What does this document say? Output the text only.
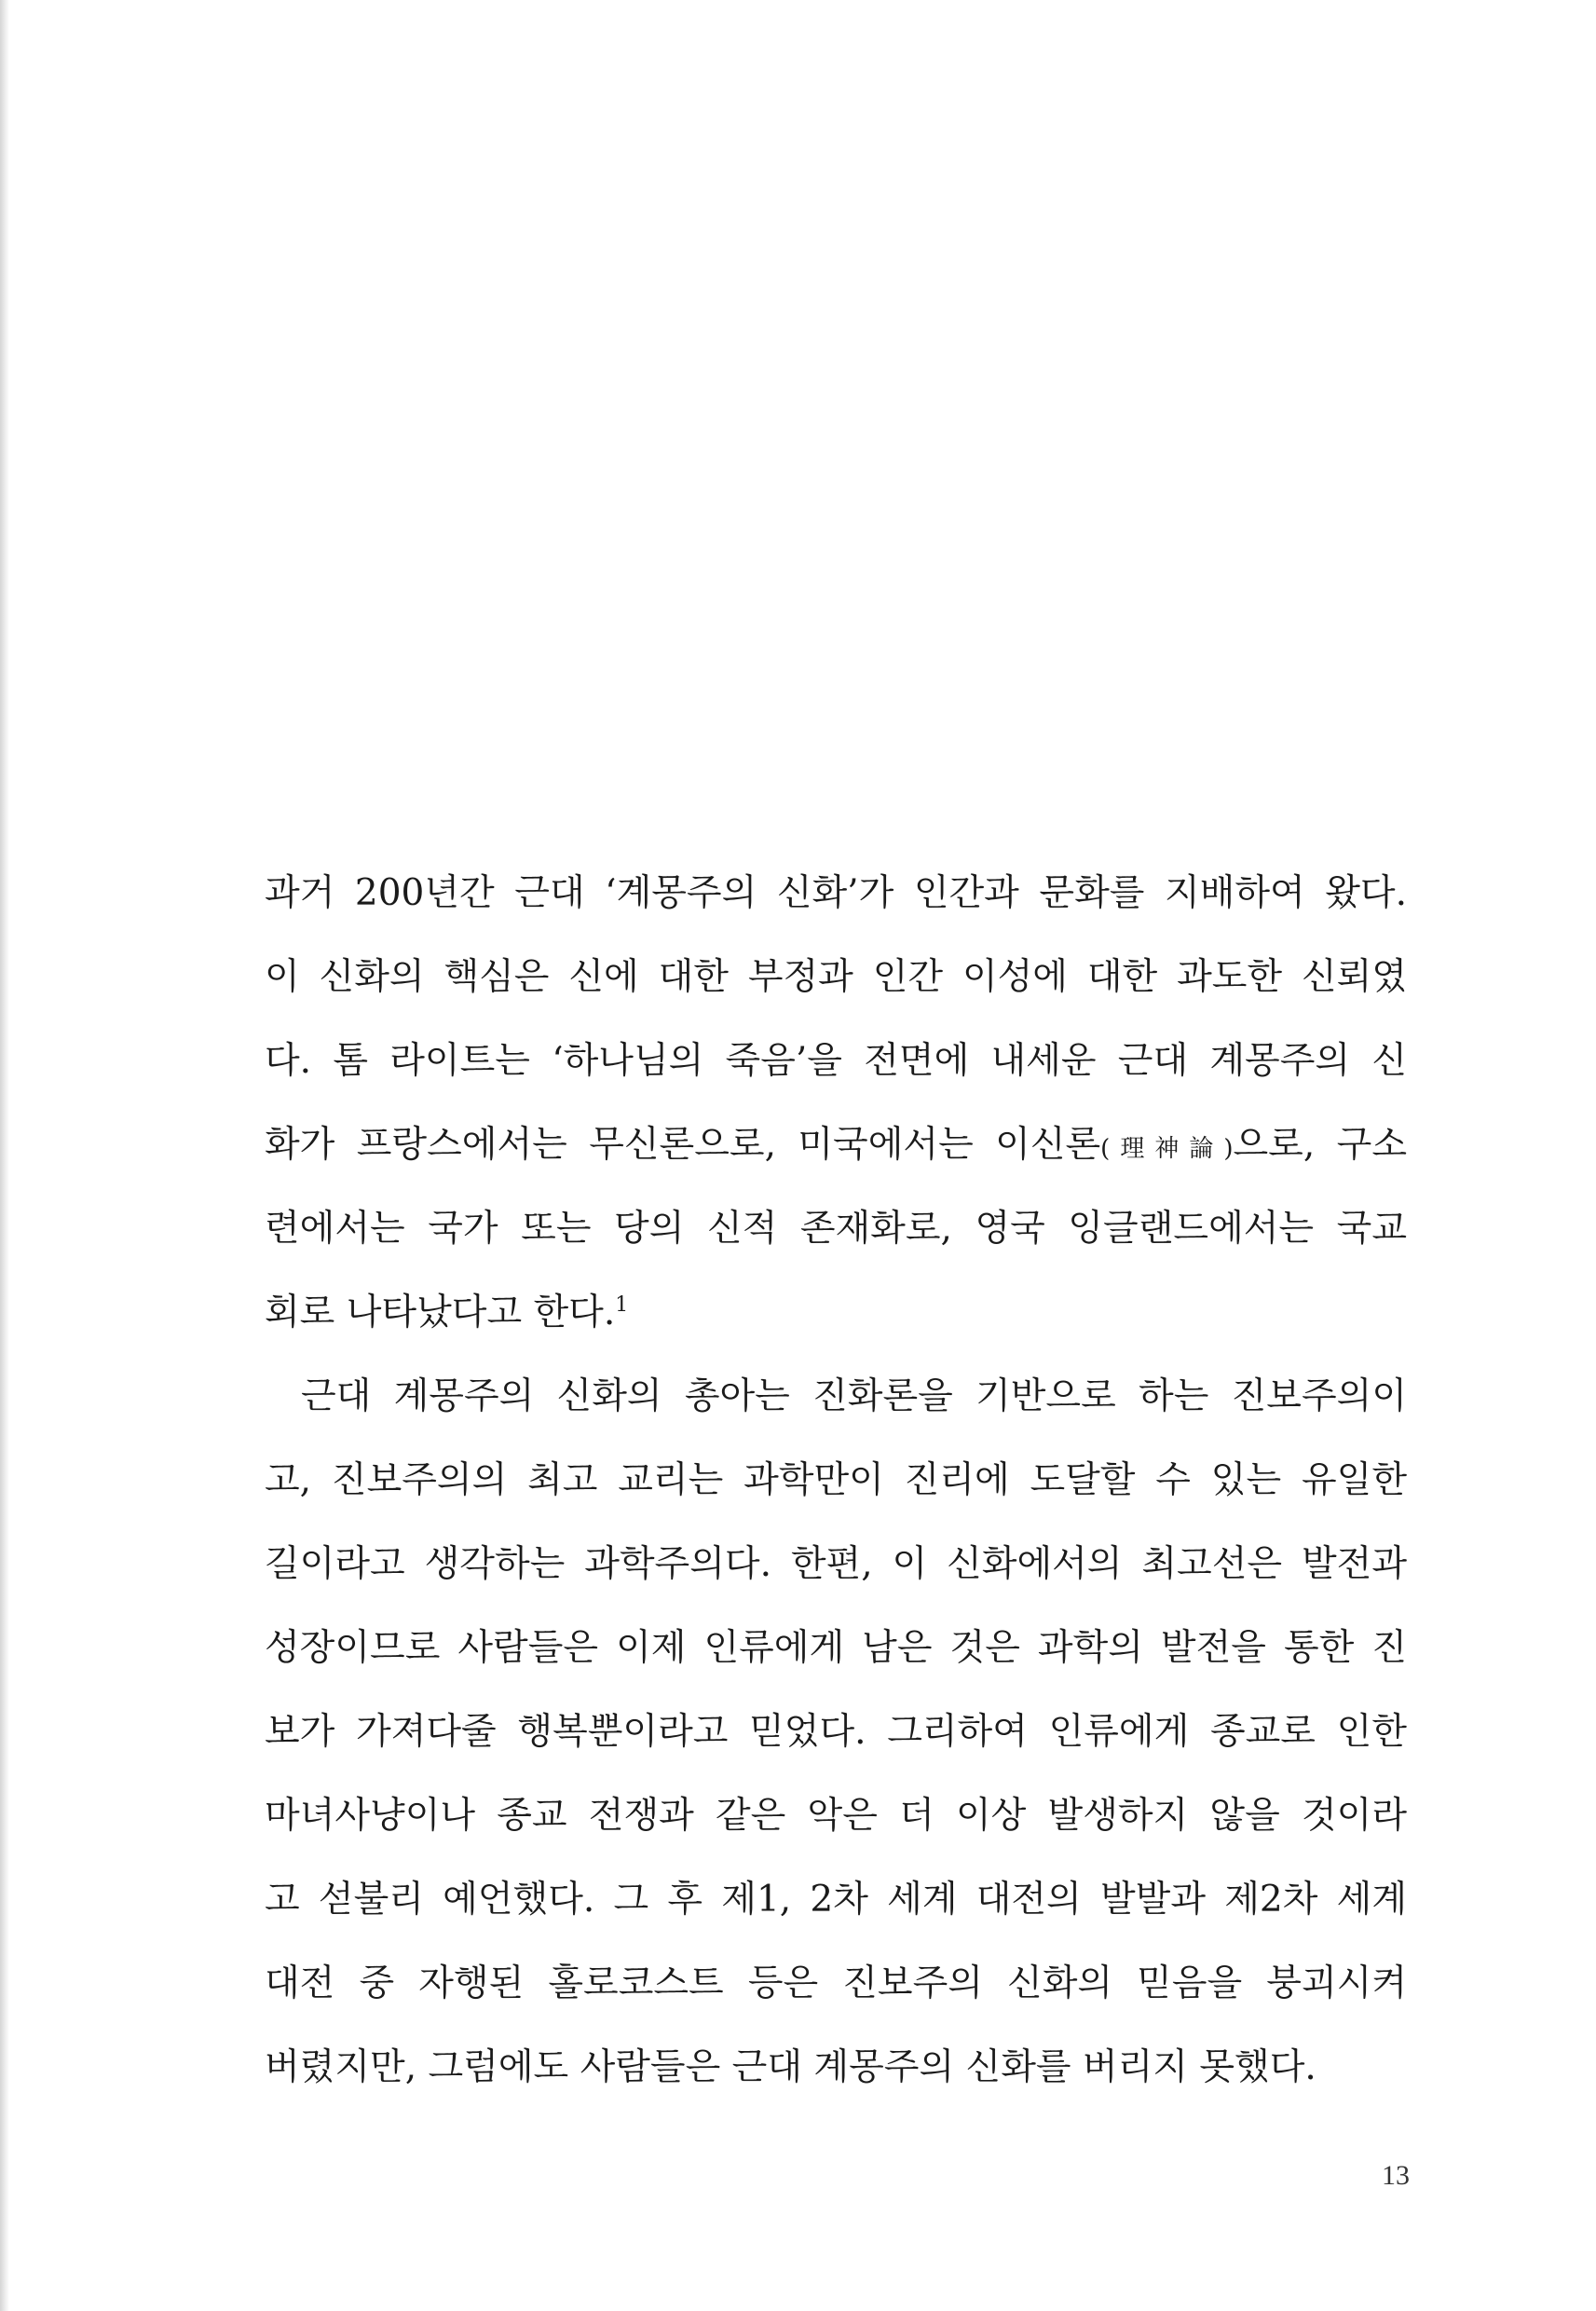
과거 200년간 근대 ‘계몽주의 신화’가 인간과 문화를 지배하여 왔다.
이 신화의 핵심은 신에 대한 부정과 인간 이성에 대한 과도한 신뢰였
다. 톰 라이트는 ‘하나님의 죽음’을 전면에 내세운 근대 계몽주의 신
화가 프랑스에서는 무신론으로, 미국에서는 이신론(理神論)으로, 구소
련에서는 국가 또는 당의 신적 존재화로, 영국 잉글랜드에서는 국교
회로 나타났다고 한다.$^1$
근대 계몽주의 신화의 총아는 진화론을 기반으로 하는 진보주의이
고, 진보주의의 최고 교리는 과학만이 진리에 도달할 수 있는 유일한
길이라고 생각하는 과학주의다. 한편, 이 신화에서의 최고선은 발전과
성장이므로 사람들은 이제 인류에게 남은 것은 과학의 발전을 통한 진
보가 가져다줄 행복뿐이라고 믿었다. 그리하여 인류에게 종교로 인한
마녀사냥이나 종교 전쟁과 같은 악은 더 이상 발생하지 않을 것이라
고 섣불리 예언했다. 그 후 제1, 2차 세계 대전의 발발과 제2차 세계
대전 중 자행된 홀로코스트 등은 진보주의 신화의 믿음을 붕괴시켜
버렸지만, 그럼에도 사람들은 근대 계몽주의 신화를 버리지 못했다.
13
